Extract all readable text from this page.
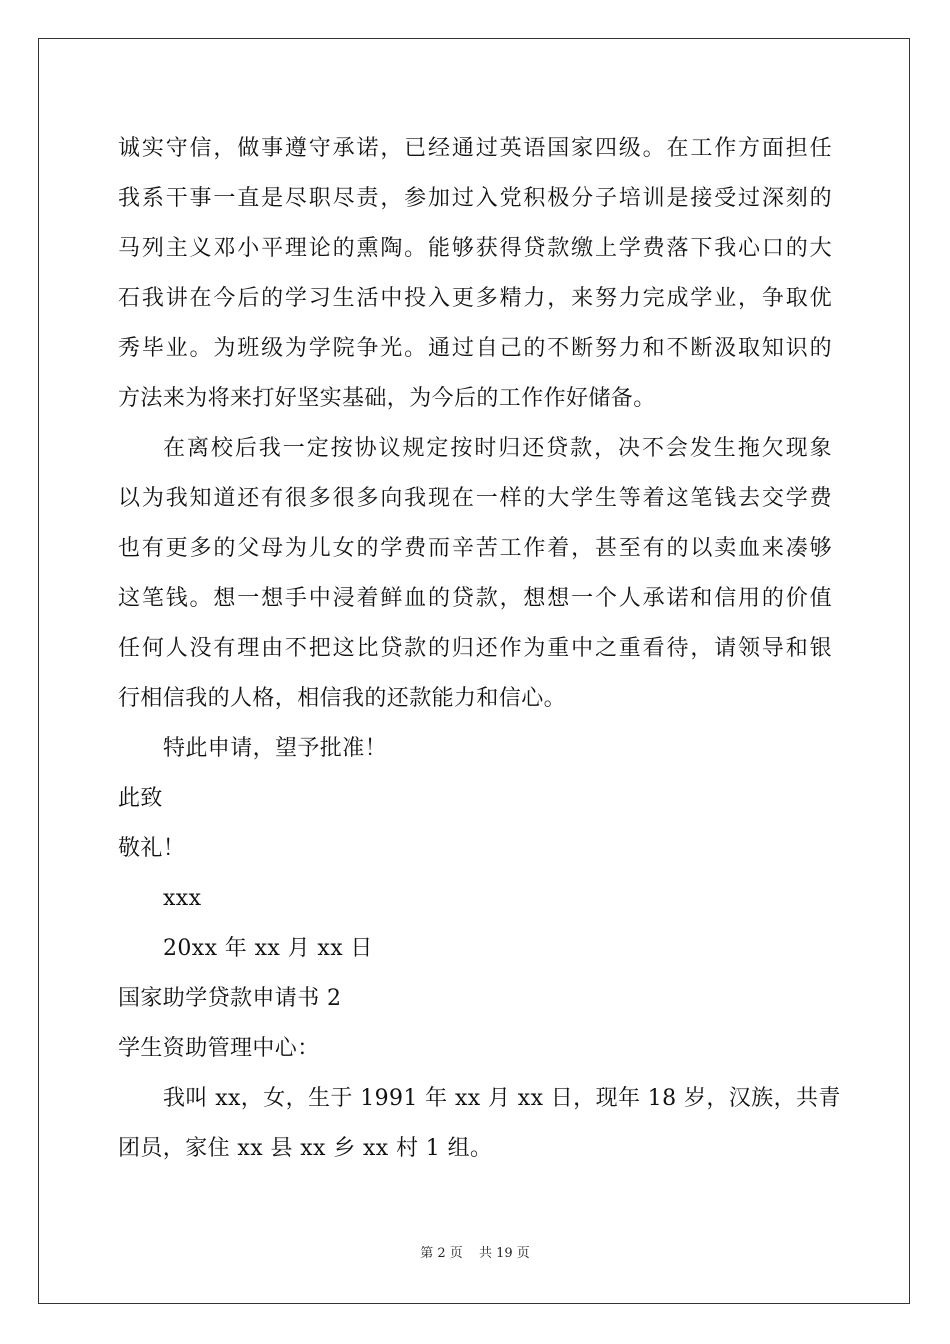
诚实守信，做事遵守承诺，已经通过英语国家四级。在工作方面担任
我系干事一直是尽职尽责，参加过入党积极分子培训是接受过深刻的
马列主义邓小平理论的熏陶。能够获得贷款缴上学费落下我心口的大
石我讲在今后的学习生活中投入更多精力，来努力完成学业，争取优
秀毕业。为班级为学院争光。通过自己的不断努力和不断汲取知识的
方法来为将来打好坚实基础，为今后的工作作好储备。
在离校后我一定按协议规定按时归还贷款，决不会发生拖欠现象
以为我知道还有很多很多向我现在一样的大学生等着这笔钱去交学费
也有更多的父母为儿女的学费而辛苦工作着，甚至有的以卖血来凑够
这笔钱。想一想手中浸着鲜血的贷款，想想一个人承诺和信用的价值
任何人没有理由不把这比贷款的归还作为重中之重看待，请领导和银
行相信我的人格，相信我的还款能力和信心。
特此申请，望予批准！
此致
敬礼！
xxx
20xx 年 xx 月 xx 日
国家助学贷款申请书 2
学生资助管理中心：
我叫 xx，女，生于 1991 年 xx 月 xx 日，现年 18 岁，汉族，共青
团员，家住 xx 县 xx 乡 xx 村 1 组。
第 2 页 共 19 页
